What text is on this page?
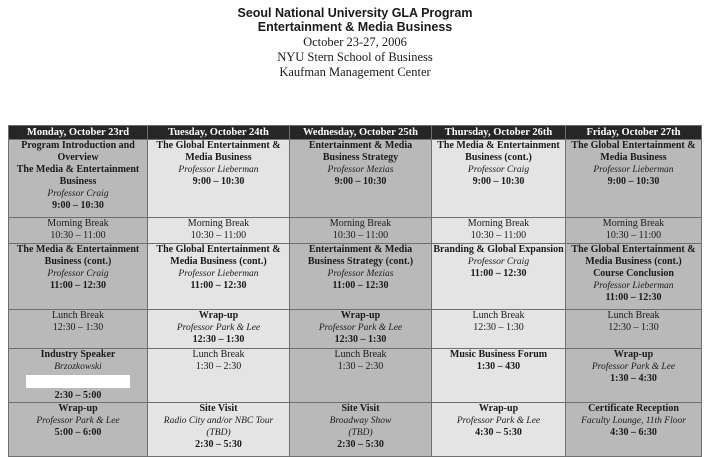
Seoul National University GLA Program
Entertainment & Media Business
October 23-27, 2006
NYU Stern School of Business
Kaufman Management Center
Monday, October 23rd	Tuesday, October 24th	Wednesday, October 25th	Thursday, October 26th	Friday, October 27th

Program Introduction and Overview
The Media & Entertainment Business
Professor Craig
9:00 – 10:30	The Global Entertainment & Media Business
Professor Lieberman
9:00 – 10:30	Entertainment & Media Business Strategy
Professor Mezias
9:00 – 10:30	The Media & Entertainment Business (cont.)
Professor Craig
9:00 – 10:30	The Global Entertainment & Media Business
Professor Lieberman
9:00 – 10:30

Morning Break
10:30 – 11:00	Morning Break
10:30 – 11:00	Morning Break
10:30 – 11:00	Morning Break
10:30 – 11:00	Morning Break
10:30 – 11:00

The Media & Entertainment Business (cont.)
Professor Craig
11:00 – 12:30	The Global Entertainment & Media Business (cont.)
Professor Lieberman
11:00 – 12:30	Entertainment & Media Business Strategy (cont.)
Professor Mezias
11:00 – 12:30	Branding & Global Expansion
Professor Craig
11:00 – 12:30	The Global Entertainment & Media Business (cont.)
Course Conclusion
Professor Lieberman
11:00 – 12:30

Lunch Break
12:30 – 1:30	Wrap-up
Professor Park & Lee
12:30 – 1:30	Wrap-up
Professor Park & Lee
12:30 – 1:30	Lunch Break
12:30 – 1:30	Lunch Break
12:30 – 1:30

Industry Speaker
Brzozkowski
2:30 – 5:00	Lunch Break
1:30 – 2:30	Lunch Break
1:30 – 2:30	Music Business Forum
1:30 – 430	Wrap-up
Professor Park & Lee
1:30 – 4:30

Wrap-up
Professor Park & Lee
5:00 – 6:00	Site Visit
Radio City and/or NBC Tour
(TBD)
2:30 – 5:30	Site Visit
Broadway Show
(TBD)
2:30 – 5:30	Wrap-up
Professor Park & Lee
4:30 – 5:30	Certificate Reception
Faculty Lounge, 11th Floor
4:30 – 6:30
